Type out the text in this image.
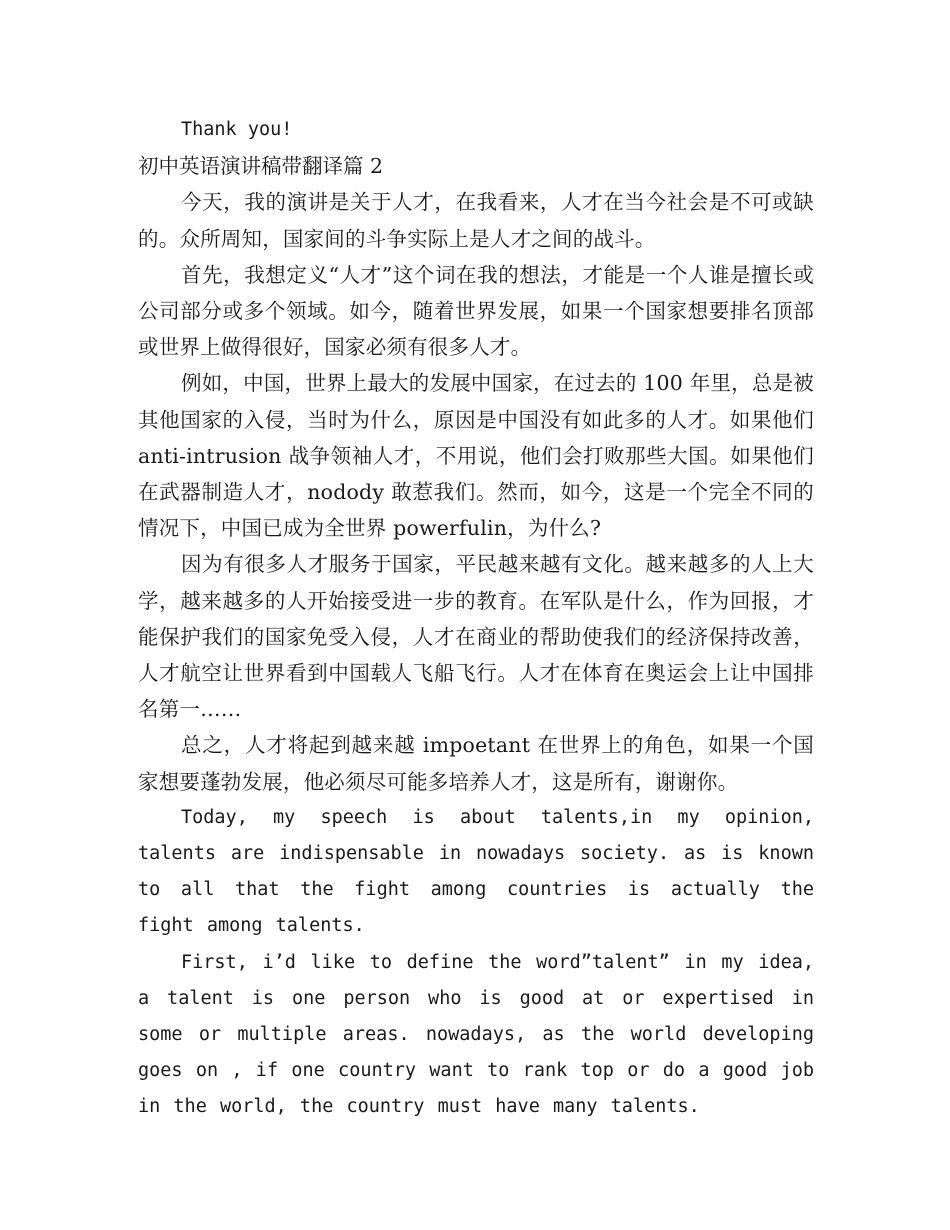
Thank you!

初中英语演讲稿带翻译篇 2

今天，我的演讲是关于人才，在我看来，人才在当今社会是不可或缺的。众所周知，国家间的斗争实际上是人才之间的战斗。

首先，我想定义“人才”这个词在我的想法，才能是一个人谁是擅长或公司部分或多个领域。如今，随着世界发展，如果一个国家想要排名顶部或世界上做得很好，国家必须有很多人才。

例如，中国，世界上最大的发展中国家，在过去的 100 年里，总是被其他国家的入侵，当时为什么，原因是中国没有如此多的人才。如果他们 anti-intrusion 战争领袖人才，不用说，他们会打败那些大国。如果他们在武器制造人才，nodody 敢惹我们。然而，如今，这是一个完全不同的情况下，中国已成为全世界 powerfulin，为什么?

因为有很多人才服务于国家，平民越来越有文化。越来越多的人上大学，越来越多的人开始接受进一步的教育。在军队是什么，作为回报，才能保护我们的国家免受入侵，人才在商业的帮助使我们的经济保持改善，人才航空让世界看到中国载人飞船飞行。人才在体育在奥运会上让中国排名第一……

总之，人才将起到越来越 impoetant 在世界上的角色，如果一个国家想要蓬勃发展，他必须尽可能多培养人才，这是所有，谢谢你。

Today, my speech is about talents,in my opinion, talents are indispensable in nowadays society. as is known to all that the fight among countries is actually the fight among talents.

First, i’d like to define the word”talent” in my idea, a talent is one person who is good at or expertised in some or multiple areas. nowadays, as the world developing goes on , if one country want to rank top or do a good job in the world, the country must have many talents.
